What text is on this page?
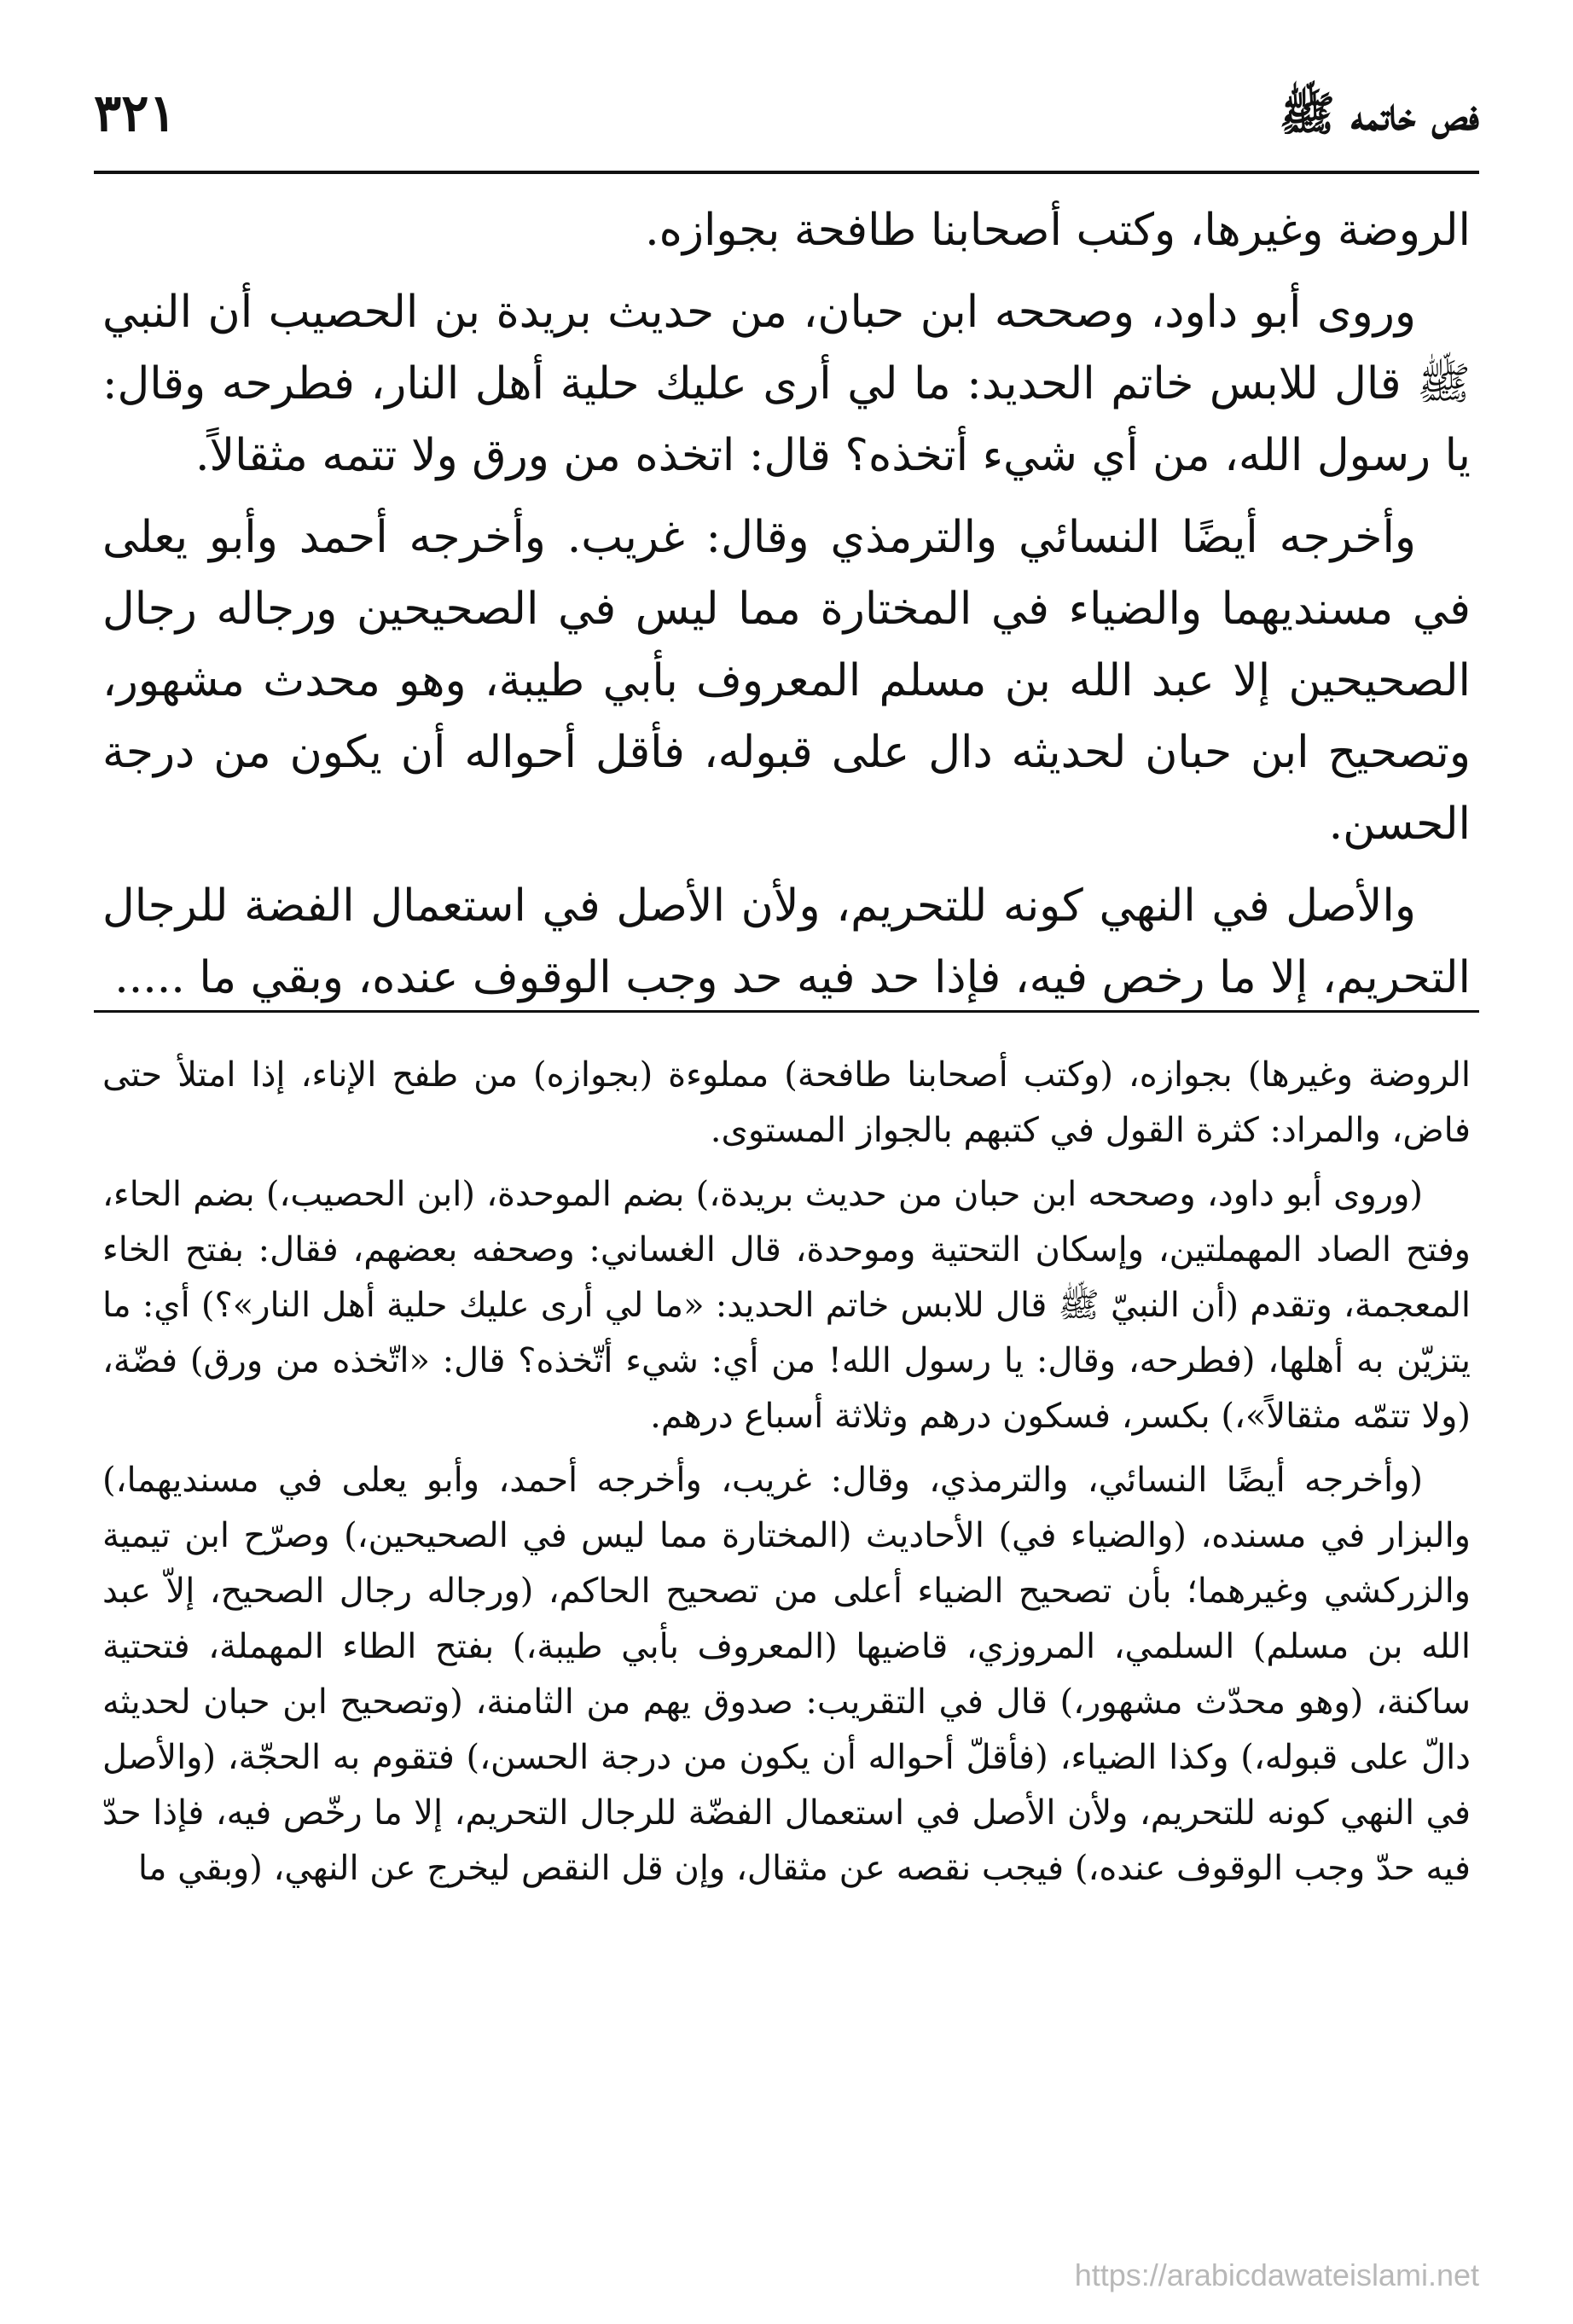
فص خاتمه ﷺ
٣٢١

الروضة وغيرها، وكتب أصحابنا طافحة بجوازه.

وروى أبو داود، وصححه ابن حبان، من حديث بريدة بن الحصيب أن النبي ﷺ قال للابس خاتم الحديد: ما لي أرى عليك حلية أهل النار، فطرحه وقال: يا رسول الله، من أي شيء أتخذه؟ قال: اتخذه من ورق ولا تتمه مثقالاً.

وأخرجه أيضًا النسائي والترمذي وقال: غريب. وأخرجه أحمد وأبو يعلى في مسنديهما والضياء في المختارة مما ليس في الصحيحين ورجاله رجال الصحيحين إلا عبد الله بن مسلم المعروف بأبي طيبة، وهو محدث مشهور، وتصحيح ابن حبان لحديثه دال على قبوله، فأقل أحواله أن يكون من درجة الحسن.

والأصل في النهي كونه للتحريم، ولأن الأصل في استعمال الفضة للرجال التحريم، إلا ما رخص فيه، فإذا حد فيه حد وجب الوقوف عنده، وبقي ما .....

الروضة وغيرها) بجوازه، (وكتب أصحابنا طافحة) مملوءة (بجوازه) من طفح الإناء، إذا امتلأ حتى فاض، والمراد: كثرة القول في كتبهم بالجواز المستوى.

(وروى أبو داود، وصححه ابن حبان من حديث بريدة،) بضم الموحدة، (ابن الحصيب،) بضم الحاء، وفتح الصاد المهملتين، وإسكان التحتية وموحدة، قال الغساني: وصحفه بعضهم، فقال: بفتح الخاء المعجمة، وتقدم (أن النبيّ ﷺ قال للابس خاتم الحديد: «ما لي أرى عليك حلية أهل النار»؟) أي: ما يتزيّن به أهلها، (فطرحه، وقال: يا رسول الله! من أي: شيء أتّخذه؟ قال: «اتّخذه من ورق) فضّة، (ولا تتمّه مثقالاً»،) بكسر، فسكون درهم وثلاثة أسباع درهم.

(وأخرجه أيضًا النسائي، والترمذي، وقال: غريب، وأخرجه أحمد، وأبو يعلى في مسنديهما،) والبزار في مسنده، (والضياء في) الأحاديث (المختارة مما ليس في الصحيحين،) وصرّح ابن تيمية والزركشي وغيرهما؛ بأن تصحيح الضياء أعلى من تصحيح الحاكم، (ورجاله رجال الصحيح، إلاّ عبد الله بن مسلم) السلمي، المروزي، قاضيها (المعروف بأبي طيبة،) بفتح الطاء المهملة، فتحتية ساكنة، (وهو محدّث مشهور،) قال في التقريب: صدوق يهم من الثامنة، (وتصحيح ابن حبان لحديثه دالّ على قبوله،) وكذا الضياء، (فأقلّ أحواله أن يكون من درجة الحسن،) فتقوم به الحجّة، (والأصل في النهي كونه للتحريم، ولأن الأصل في استعمال الفضّة للرجال التحريم، إلا ما رخّص فيه، فإذا حدّ فيه حدّ وجب الوقوف عنده،) فيجب نقصه عن مثقال، وإن قل النقص ليخرج عن النهي، (وبقي ما

https://arabicdawateislami.net
